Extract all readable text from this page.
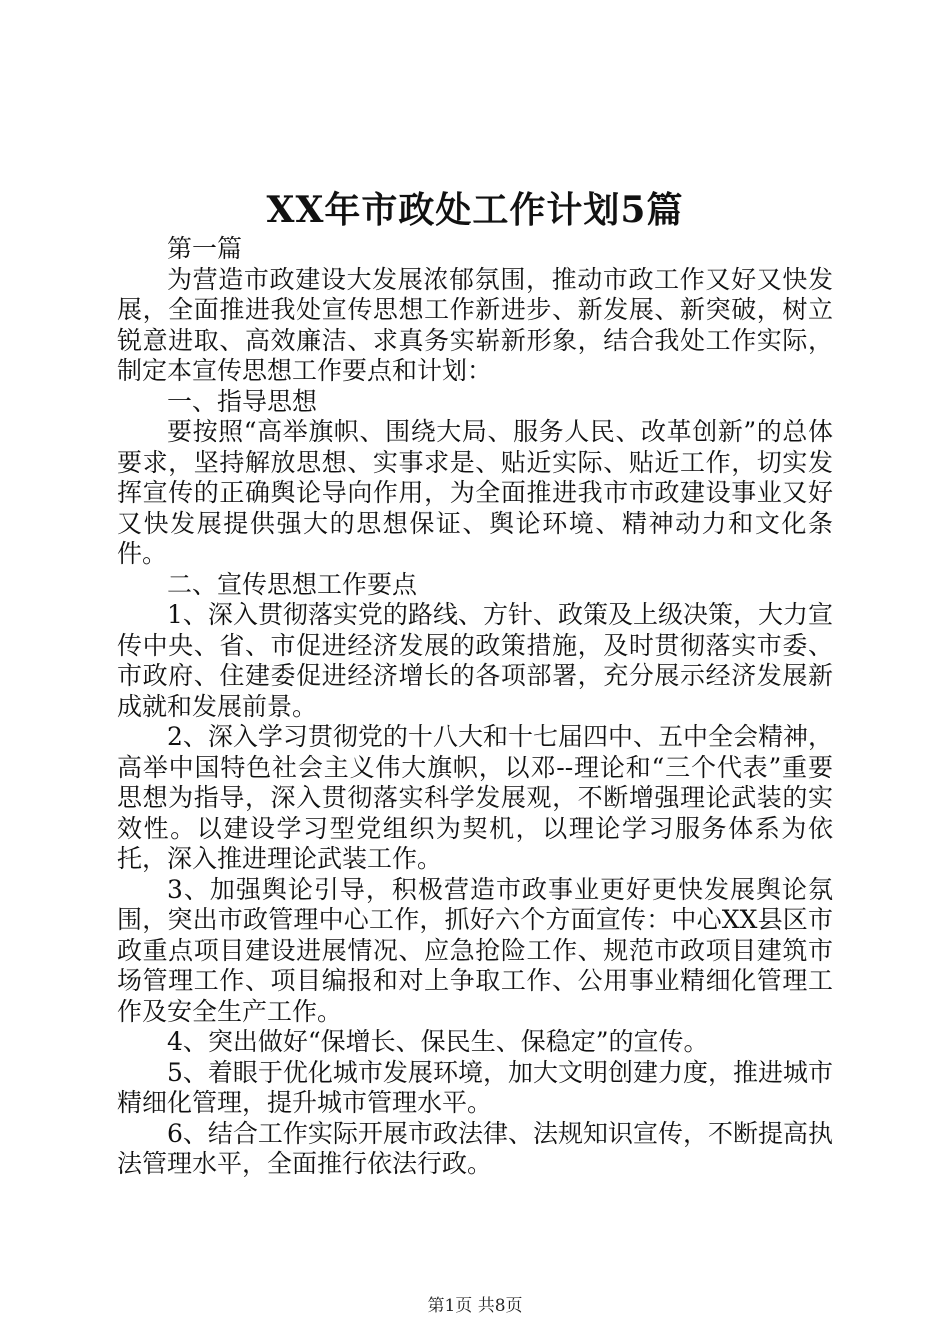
XX年市政处工作计划5篇

第一篇

为营造市政建设大发展浓郁氛围，推动市政工作又好又快发展，全面推进我处宣传思想工作新进步、新发展、新突破，树立锐意进取、高效廉洁、求真务实崭新形象，结合我处工作实际，制定本宣传思想工作要点和计划：

一、指导思想

要按照“高举旗帜、围绕大局、服务人民、改革创新”的总体要求，坚持解放思想、实事求是、贴近实际、贴近工作，切实发挥宣传的正确舆论导向作用，为全面推进我市市政建设事业又好又快发展提供强大的思想保证、舆论环境、精神动力和文化条件。

二、宣传思想工作要点

1、深入贯彻落实党的路线、方针、政策及上级决策，大力宣传中央、省、市促进经济发展的政策措施，及时贯彻落实市委、市政府、住建委促进经济增长的各项部署，充分展示经济发展新成就和发展前景。

2、深入学习贯彻党的十八大和十七届四中、五中全会精神，高举中国特色社会主义伟大旗帜，以邓--理论和“三个代表”重要思想为指导，深入贯彻落实科学发展观，不断增强理论武装的实效性。以建设学习型党组织为契机，以理论学习服务体系为依托，深入推进理论武装工作。

3、加强舆论引导，积极营造市政事业更好更快发展舆论氛围，突出市政管理中心工作，抓好六个方面宣传：中心XX县区市政重点项目建设进展情况、应急抢险工作、规范市政项目建筑市场管理工作、项目编报和对上争取工作、公用事业精细化管理工作及安全生产工作。

4、突出做好“保增长、保民生、保稳定”的宣传。

5、着眼于优化城市发展环境，加大文明创建力度，推进城市精细化管理，提升城市管理水平。

6、结合工作实际开展市政法律、法规知识宣传，不断提高执法管理水平，全面推行依法行政。

第1页 共8页
